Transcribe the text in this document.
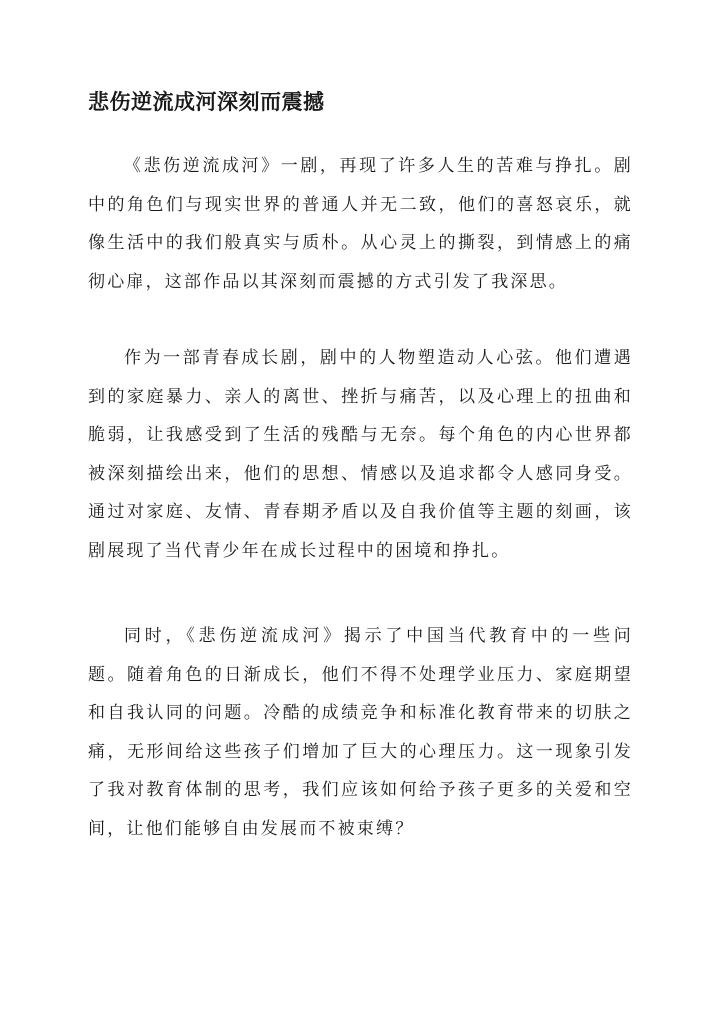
悲伤逆流成河深刻而震撼

《悲伤逆流成河》一剧，再现了许多人生的苦难与挣扎。剧中的角色们与现实世界的普通人并无二致，他们的喜怒哀乐，就像生活中的我们般真实与质朴。从心灵上的撕裂，到情感上的痛彻心扉，这部作品以其深刻而震撼的方式引发了我深思。

作为一部青春成长剧，剧中的人物塑造动人心弦。他们遭遇到的家庭暴力、亲人的离世、挫折与痛苦，以及心理上的扭曲和脆弱，让我感受到了生活的残酷与无奈。每个角色的内心世界都被深刻描绘出来，他们的思想、情感以及追求都令人感同身受。通过对家庭、友情、青春期矛盾以及自我价值等主题的刻画，该剧展现了当代青少年在成长过程中的困境和挣扎。

同时，《悲伤逆流成河》揭示了中国当代教育中的一些问题。随着角色的日渐成长，他们不得不处理学业压力、家庭期望和自我认同的问题。冷酷的成绩竞争和标准化教育带来的切肤之痛，无形间给这些孩子们增加了巨大的心理压力。这一现象引发了我对教育体制的思考，我们应该如何给予孩子更多的关爱和空间，让他们能够自由发展而不被束缚？
